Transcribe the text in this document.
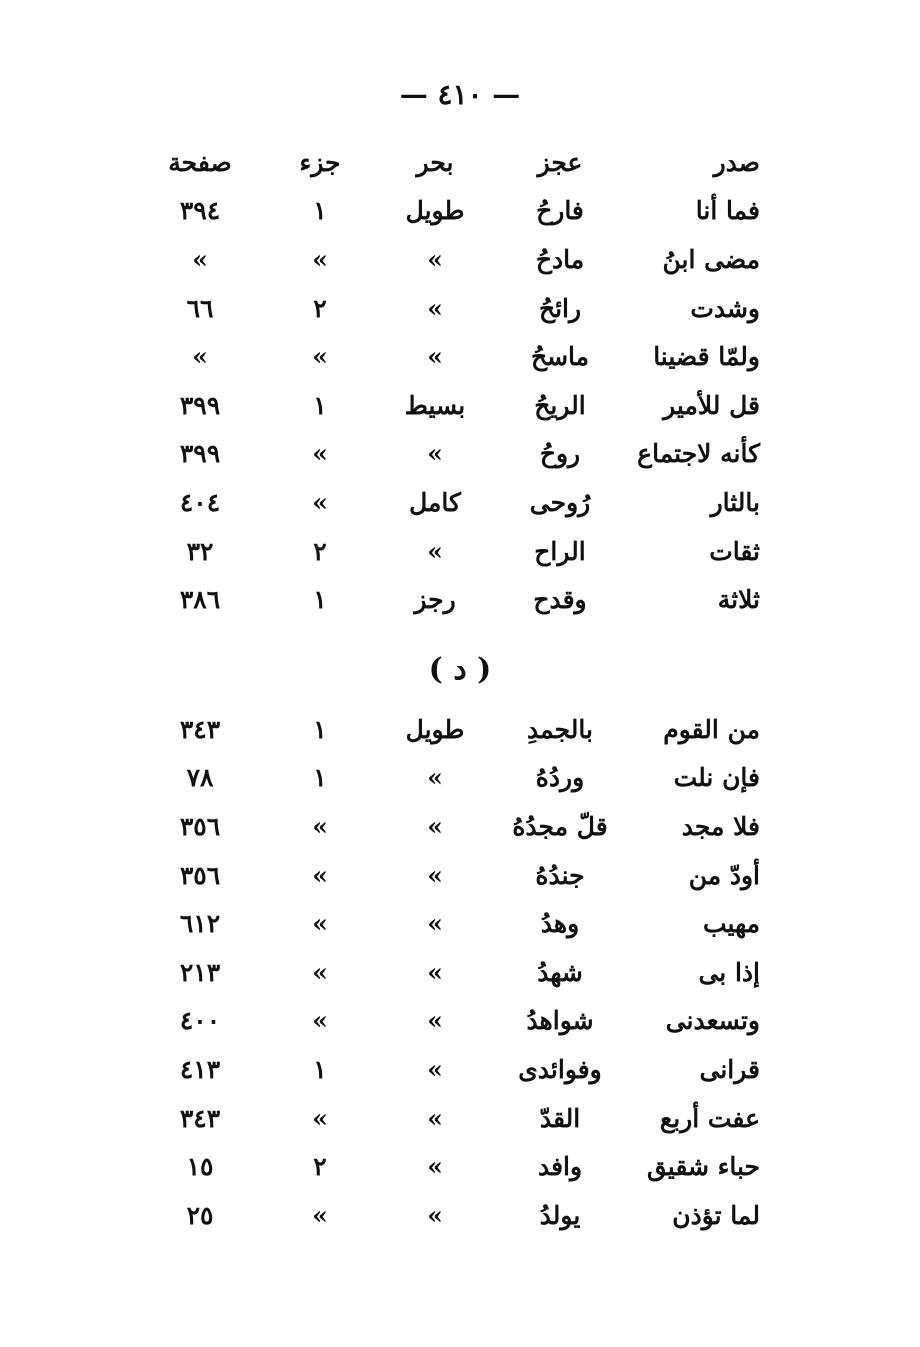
— ٤١٠ —
صدر	عجز	بحر	جزء	صفحة
فما أنا	فارحُ	طويل	١	٣٩٤
مضى ابنُ	مادحُ	»	»	»
وشدت	رائحُ	»	٢	٦٦
ولمّا قضينا	ماسحُ	»	»	»
قل للأمير	الريحُ	بسيط	١	٣٩٩
كأنه لاجتماع	روحُ	»	»	٣٩٩
بالثار	رُوحى	كامل	»	٤٠٤
ثقات	الراح	»	٢	٣٢
ثلاثة	وقدح	رجز	١	٣٨٦
( د )
من القوم	بالجمدِ	طويل	١	٣٤٣
فإن نلت	وردُهُ	»	١	٧٨
فلا مجد	قلّ مجدُهُ	»	»	٣٥٦
أودّ من	جندُهُ	»	»	٣٥٦
مهيب	وهدُ	»	»	٦١٢
إذا بى	شهدُ	»	»	٢١٣
وتسعدنى	شواهدُ	»	»	٤٠٠
قرانى	وفوائدى	»	١	٤١٣
عفت أربع	القدّ	»	»	٣٤٣
حباء شقيق	وافد	»	٢	١٥
لما تؤذن	يولدُ	»	»	٢٥
